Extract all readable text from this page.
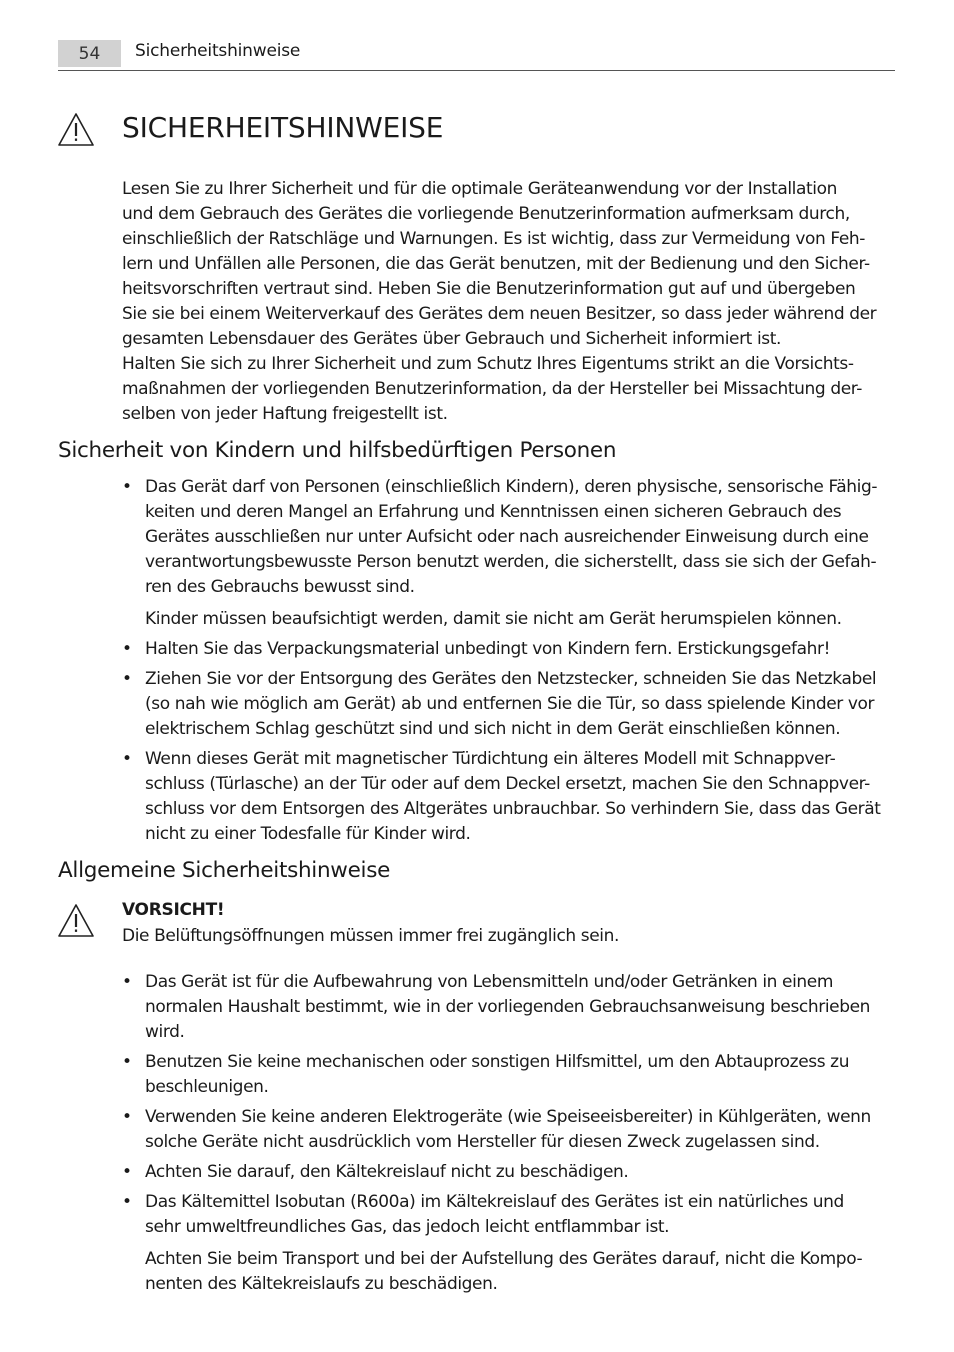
54	Sicherheitshinweise
SICHERHEITSHINWEISE
Lesen Sie zu Ihrer Sicherheit und für die optimale Geräteanwendung vor der Installation
und dem Gebrauch des Gerätes die vorliegende Benutzerinformation aufmerksam durch,
einschließlich der Ratschläge und Warnungen. Es ist wichtig, dass zur Vermeidung von Feh-
lern und Unfällen alle Personen, die das Gerät benutzen, mit der Bedienung und den Sicher-
heitsvorschriften vertraut sind. Heben Sie die Benutzerinformation gut auf und übergeben
Sie sie bei einem Weiterverkauf des Gerätes dem neuen Besitzer, so dass jeder während der
gesamten Lebensdauer des Gerätes über Gebrauch und Sicherheit informiert ist.
Halten Sie sich zu Ihrer Sicherheit und zum Schutz Ihres Eigentums strikt an die Vorsichts-
maßnahmen der vorliegenden Benutzerinformation, da der Hersteller bei Missachtung der-
selben von jeder Haftung freigestellt ist.
Sicherheit von Kindern und hilfsbedürftigen Personen
• Das Gerät darf von Personen (einschließlich Kindern), deren physische, sensorische Fähig-
keiten und deren Mangel an Erfahrung und Kenntnissen einen sicheren Gebrauch des
Gerätes ausschließen nur unter Aufsicht oder nach ausreichender Einweisung durch eine
verantwortungsbewusste Person benutzt werden, die sicherstellt, dass sie sich der Gefah-
ren des Gebrauchs bewusst sind.
Kinder müssen beaufsichtigt werden, damit sie nicht am Gerät herumspielen können.
• Halten Sie das Verpackungsmaterial unbedingt von Kindern fern. Erstickungsgefahr!
• Ziehen Sie vor der Entsorgung des Gerätes den Netzstecker, schneiden Sie das Netzkabel
(so nah wie möglich am Gerät) ab und entfernen Sie die Tür, so dass spielende Kinder vor
elektrischem Schlag geschützt sind und sich nicht in dem Gerät einschließen können.
• Wenn dieses Gerät mit magnetischer Türdichtung ein älteres Modell mit Schnappver-
schluss (Türlasche) an der Tür oder auf dem Deckel ersetzt, machen Sie den Schnappver-
schluss vor dem Entsorgen des Altgerätes unbrauchbar. So verhindern Sie, dass das Gerät
nicht zu einer Todesfalle für Kinder wird.
Allgemeine Sicherheitshinweise
VORSICHT!
Die Belüftungsöffnungen müssen immer frei zugänglich sein.
• Das Gerät ist für die Aufbewahrung von Lebensmitteln und/oder Getränken in einem
normalen Haushalt bestimmt, wie in der vorliegenden Gebrauchsanweisung beschrieben
wird.
• Benutzen Sie keine mechanischen oder sonstigen Hilfsmittel, um den Abtauprozess zu
beschleunigen.
• Verwenden Sie keine anderen Elektrogeräte (wie Speiseeisbereiter) in Kühlgeräten, wenn
solche Geräte nicht ausdrücklich vom Hersteller für diesen Zweck zugelassen sind.
• Achten Sie darauf, den Kältekreislauf nicht zu beschädigen.
• Das Kältemittel Isobutan (R600a) im Kältekreislauf des Gerätes ist ein natürliches und
sehr umweltfreundliches Gas, das jedoch leicht entflammbar ist.
Achten Sie beim Transport und bei der Aufstellung des Gerätes darauf, nicht die Kompo-
nenten des Kältekreislaufs zu beschädigen.
